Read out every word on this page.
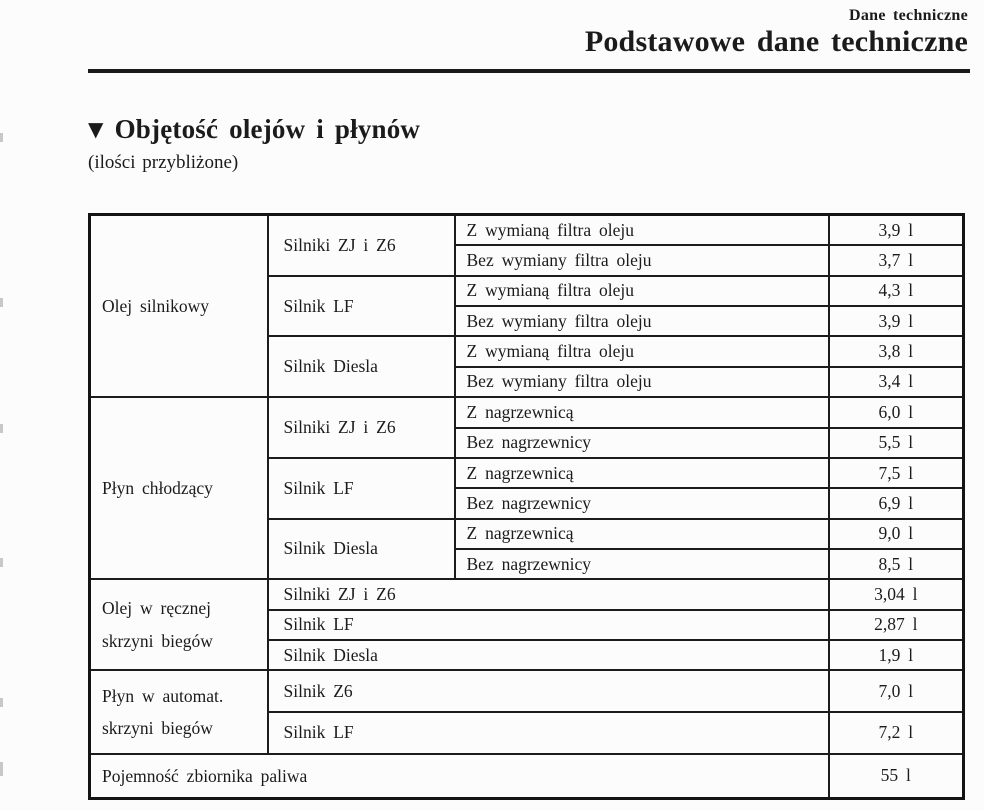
Dane techniczne
Podstawowe dane techniczne
▼ Objętość olejów i płynów
(ilości przybliżone)
Olej silnikowy	Silniki ZJ i Z6	Z wymianą filtra oleju	3,9 l
		Bez wymiany filtra oleju	3,7 l
	Silnik LF	Z wymianą filtra oleju	4,3 l
		Bez wymiany filtra oleju	3,9 l
	Silnik Diesla	Z wymianą filtra oleju	3,8 l
		Bez wymiany filtra oleju	3,4 l
Płyn chłodzący	Silniki ZJ i Z6	Z nagrzewnicą	6,0 l
		Bez nagrzewnicy	5,5 l
	Silnik LF	Z nagrzewnicą	7,5 l
		Bez nagrzewnicy	6,9 l
	Silnik Diesla	Z nagrzewnicą	9,0 l
		Bez nagrzewnicy	8,5 l
Olej w ręcznej skrzyni biegów	Silniki ZJ i Z6		3,04 l
	Silnik LF		2,87 l
	Silnik Diesla		1,9 l
Płyn w automat. skrzyni biegów	Silnik Z6		7,0 l
	Silnik LF		7,2 l
Pojemność zbiornika paliwa			55 l
